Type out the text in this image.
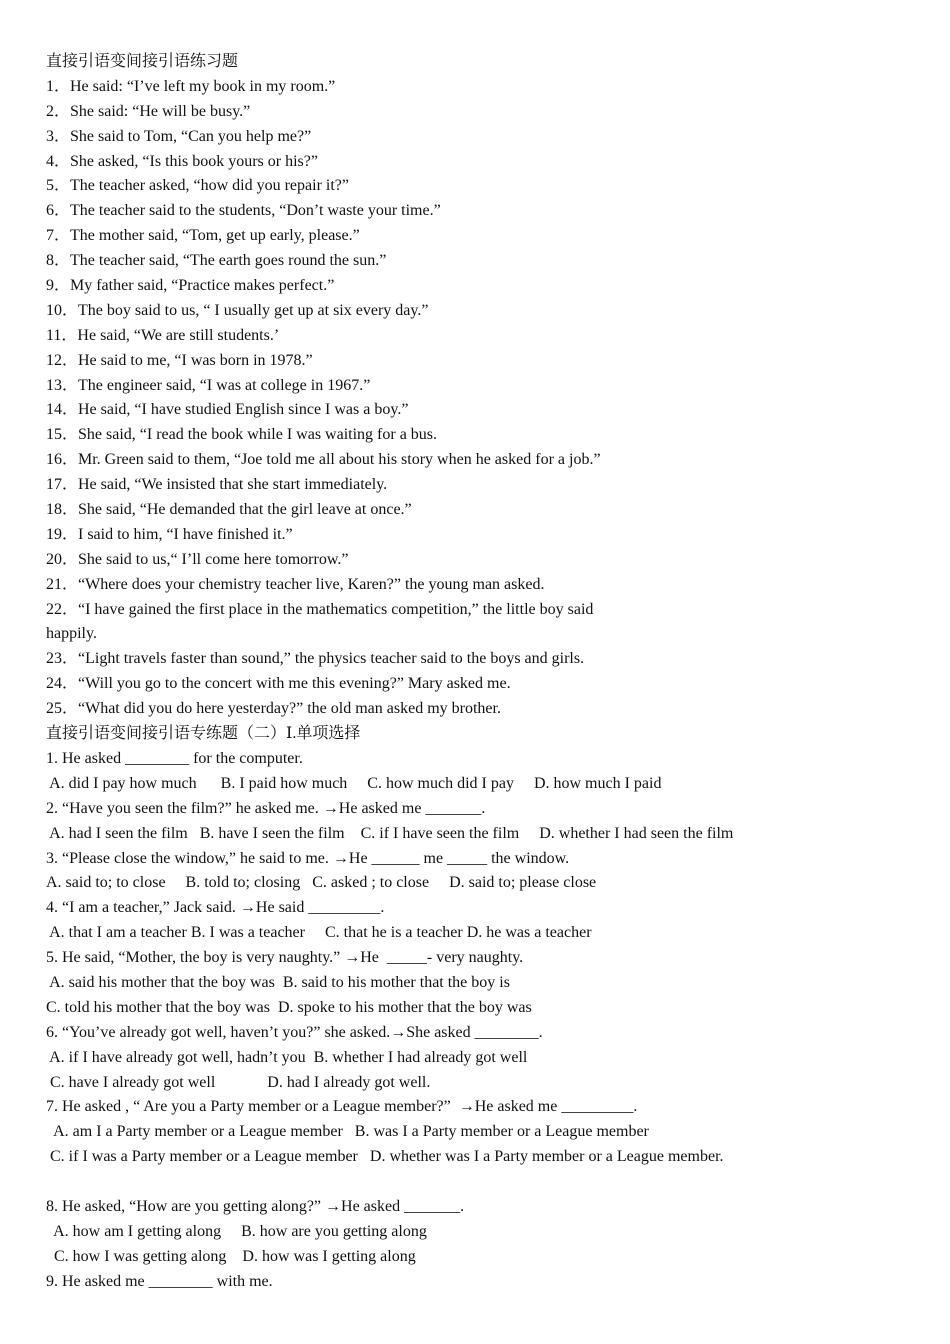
直接引语变间接引语练习题
1．He said: “I’ve left my book in my room.”
2．She said: “He will be busy.”
3．She said to Tom, “Can you help me?”
4．She asked, “Is this book yours or his?”
5．The teacher asked, “how did you repair it?”
6．The teacher said to the students, “Don’t waste your time.”
7．The mother said, “Tom, get up early, please.”
8．The teacher said, “The earth goes round the sun.”
9．My father said, “Practice makes perfect.”
10．The boy said to us, “ I usually get up at six every day.”
11．He said, “We are still students.’
12．He said to me, “I was born in 1978.”
13．The engineer said, “I was at college in 1967.”
14．He said, “I have studied English since I was a boy.”
15．She said, “I read the book while I was waiting for a bus.
16．Mr. Green said to them, “Joe told me all about his story when he asked for a job.”
17．He said, “We insisted that she start immediately.
18．She said, “He demanded that the girl leave at once.”
19．I said to him, “I have finished it.”
20．She said to us,“ I’ll come here tomorrow.”
21．“Where does your chemistry teacher live, Karen?” the young man asked.
22．“I have gained the first place in the mathematics competition,” the little boy said
happily.
23．“Light travels faster than sound,” the physics teacher said to the boys and girls.
24．“Will you go to the concert with me this evening?” Mary asked me.
25．“What did you do here yesterday?” the old man asked my brother.
直接引语变间接引语专练题（二）Ⅰ.单项选择
1. He asked ________ for the computer.
A. did I pay how much      B. I paid how much     C. how much did I pay     D. how much I paid
2. “Have you seen the film?” he asked me. →He asked me _______.
A. had I seen the film   B. have I seen the film    C. if I have seen the film     D. whether I had seen the film
3. “Please close the window,” he said to me. →He ______ me _____ the window.
A. said to; to close     B. told to; closing   C. asked ; to close     D. said to; please close
4. “I am a teacher,” Jack said. →He said _________.
A. that I am a teacher B. I was a teacher     C. that he is a teacher D. he was a teacher
5. He said, “Mother, the boy is very naughty.” →He  _____- very naughty.
A. said his mother that the boy was  B. said to his mother that the boy is
C. told his mother that the boy was  D. spoke to his mother that the boy was
6. “You’ve already got well, haven’t you?” she asked.→She asked ________.
A. if I have already got well, hadn’t you  B. whether I had already got well
C. have I already got well             D. had I already got well.
7. He asked , “ Are you a Party member or a League member?”  →He asked me _________.
A. am I a Party member or a League member   B. was I a Party member or a League member
C. if I was a Party member or a League member   D. whether was I a Party member or a League member.
8. He asked, “How are you getting along?” →He asked _______.
A. how am I getting along     B. how are you getting along
C. how I was getting along    D. how was I getting along
9. He asked me ________ with me.
